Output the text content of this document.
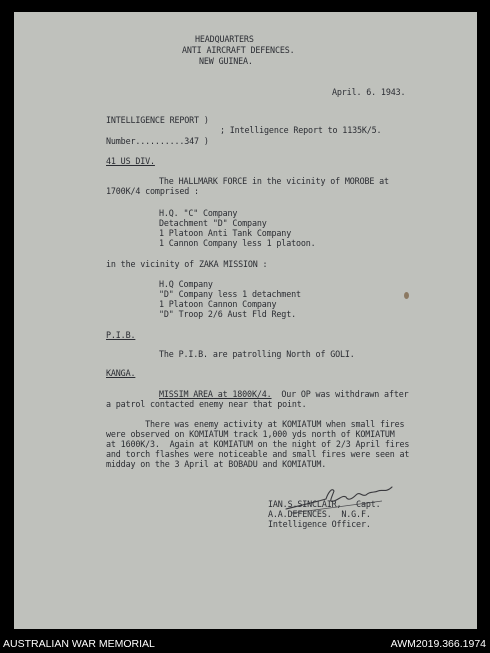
HEADQUARTERS
ANTI AIRCRAFT DEFENCES.
NEW GUINEA.
April. 6. 1943.
INTELLIGENCE REPORT )
; Intelligence Report to 1135K/5.
Number..........347 )
41 US DIV.
The HALLMARK FORCE in the vicinity of MOROBE at
1700K/4 comprised :
H.Q. "C" Company
Detachment "D" Company
1 Platoon Anti Tank Company
1 Cannon Company less 1 platoon.
in the vicinity of ZAKA MISSION :
H.Q Company
"D" Company less 1 detachment
1 Platoon Cannon Company
"D" Troop 2/6 Aust Fld Regt.
P.I.B.
The P.I.B. are patrolling North of GOLI.
KANGA.
MISSIM AREA at 1800K/4.  Our OP was withdrawn after
a patrol contacted enemy near that point.
There was enemy activity at KOMIATUM when small fires
were observed on KOMIATUM track 1,000 yds north of KOMIATUM
at 1600K/3.  Again at KOMIATUM on the night of 2/3 April fires
and torch flashes were noticeable and small fires were seen at
midday on the 3 April at BOBADU and KOMIATUM.
IAN.S.SINCLAIR,   Capt.
A.A.DEFENCES.  N.G.F.
Intelligence Officer.
AUSTRALIAN WAR MEMORIAL	AWM2019.366.1974
